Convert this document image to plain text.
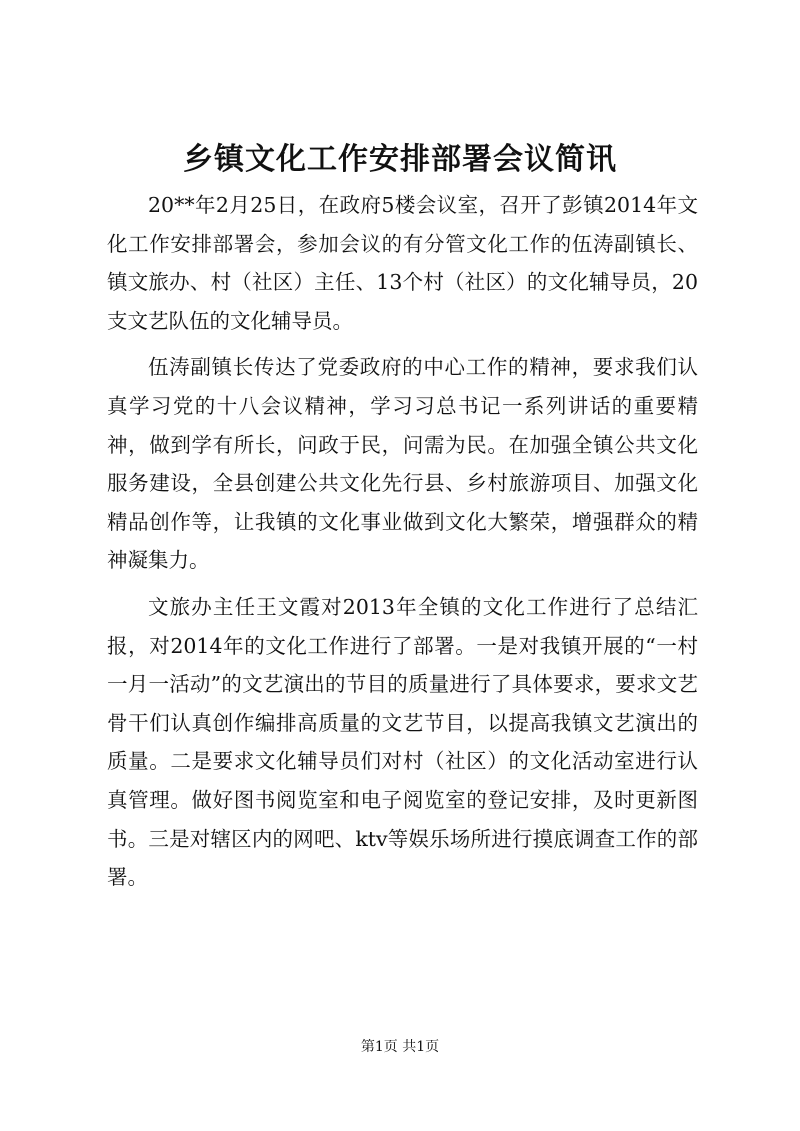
乡镇文化工作安排部署会议简讯

20**年2月25日，在政府5楼会议室，召开了彭镇2014年文化工作安排部署会，参加会议的有分管文化工作的伍涛副镇长、镇文旅办、村（社区）主任、13个村（社区）的文化辅导员，20支文艺队伍的文化辅导员。

伍涛副镇长传达了党委政府的中心工作的精神，要求我们认真学习党的十八会议精神，学习习总书记一系列讲话的重要精神，做到学有所长，问政于民，问需为民。在加强全镇公共文化服务建设，全县创建公共文化先行县、乡村旅游项目、加强文化精品创作等，让我镇的文化事业做到文化大繁荣，增强群众的精神凝集力。

文旅办主任王文霞对2013年全镇的文化工作进行了总结汇报，对2014年的文化工作进行了部署。一是对我镇开展的“一村一月一活动”的文艺演出的节目的质量进行了具体要求，要求文艺骨干们认真创作编排高质量的文艺节目，以提高我镇文艺演出的质量。二是要求文化辅导员们对村（社区）的文化活动室进行认真管理。做好图书阅览室和电子阅览室的登记安排，及时更新图书。三是对辖区内的网吧、ktv等娱乐场所进行摸底调查工作的部署。

第1页 共1页
